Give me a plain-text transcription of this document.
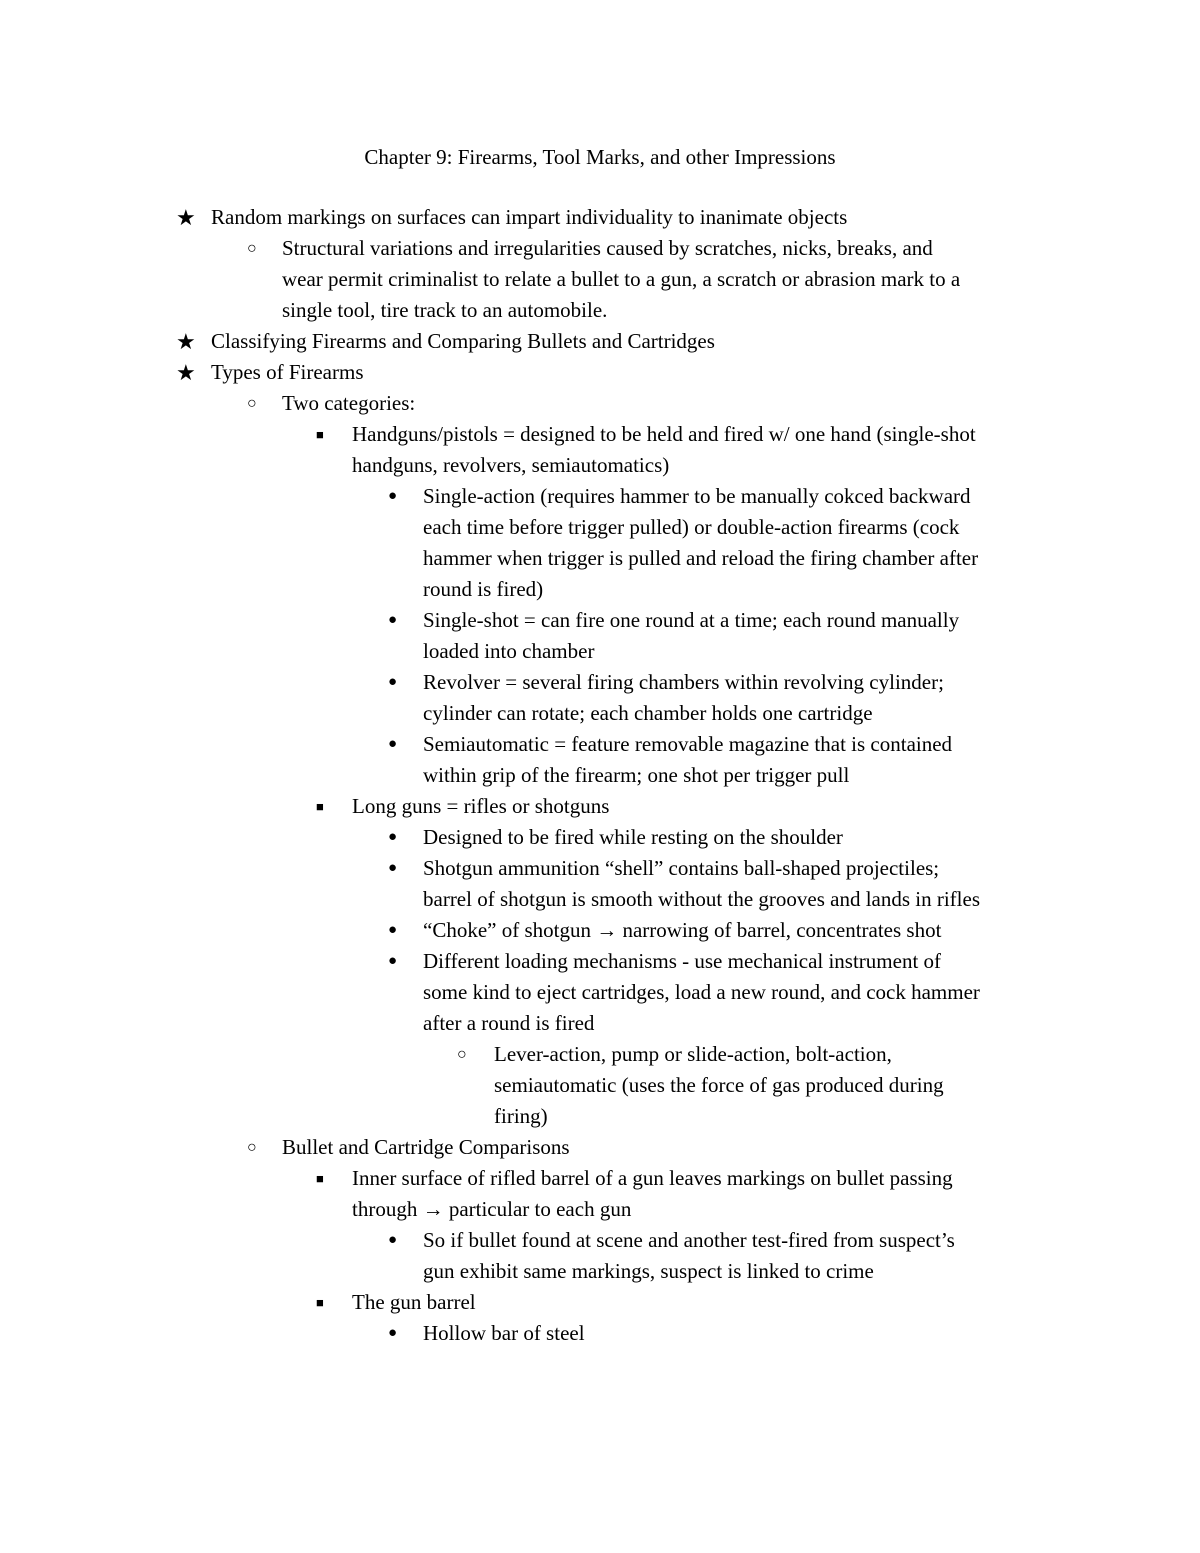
Chapter 9: Firearms, Tool Marks, and other Impressions
★ Random markings on surfaces can impart individuality to inanimate objects
○ Structural variations and irregularities caused by scratches, nicks, breaks, and
wear permit criminalist to relate a bullet to a gun, a scratch or abrasion mark to a
single tool, tire track to an automobile.
★ Classifying Firearms and Comparing Bullets and Cartridges
★ Types of Firearms
○ Two categories:
■ Handguns/pistols = designed to be held and fired w/ one hand (single-shot
handguns, revolvers, semiautomatics)
● Single-action (requires hammer to be manually cokced backward
each time before trigger pulled) or double-action firearms (cock
hammer when trigger is pulled and reload the firing chamber after
round is fired)
● Single-shot = can fire one round at a time; each round manually
loaded into chamber
● Revolver = several firing chambers within revolving cylinder;
cylinder can rotate; each chamber holds one cartridge
● Semiautomatic = feature removable magazine that is contained
within grip of the firearm; one shot per trigger pull
■ Long guns = rifles or shotguns
● Designed to be fired while resting on the shoulder
● Shotgun ammunition “shell” contains ball-shaped projectiles;
barrel of shotgun is smooth without the grooves and lands in rifles
● “Choke” of shotgun → narrowing of barrel, concentrates shot
● Different loading mechanisms - use mechanical instrument of
some kind to eject cartridges, load a new round, and cock hammer
after a round is fired
○ Lever-action, pump or slide-action, bolt-action,
semiautomatic (uses the force of gas produced during
firing)
○ Bullet and Cartridge Comparisons
■ Inner surface of rifled barrel of a gun leaves markings on bullet passing
through → particular to each gun
● So if bullet found at scene and another test-fired from suspect’s
gun exhibit same markings, suspect is linked to crime
■ The gun barrel
● Hollow bar of steel
